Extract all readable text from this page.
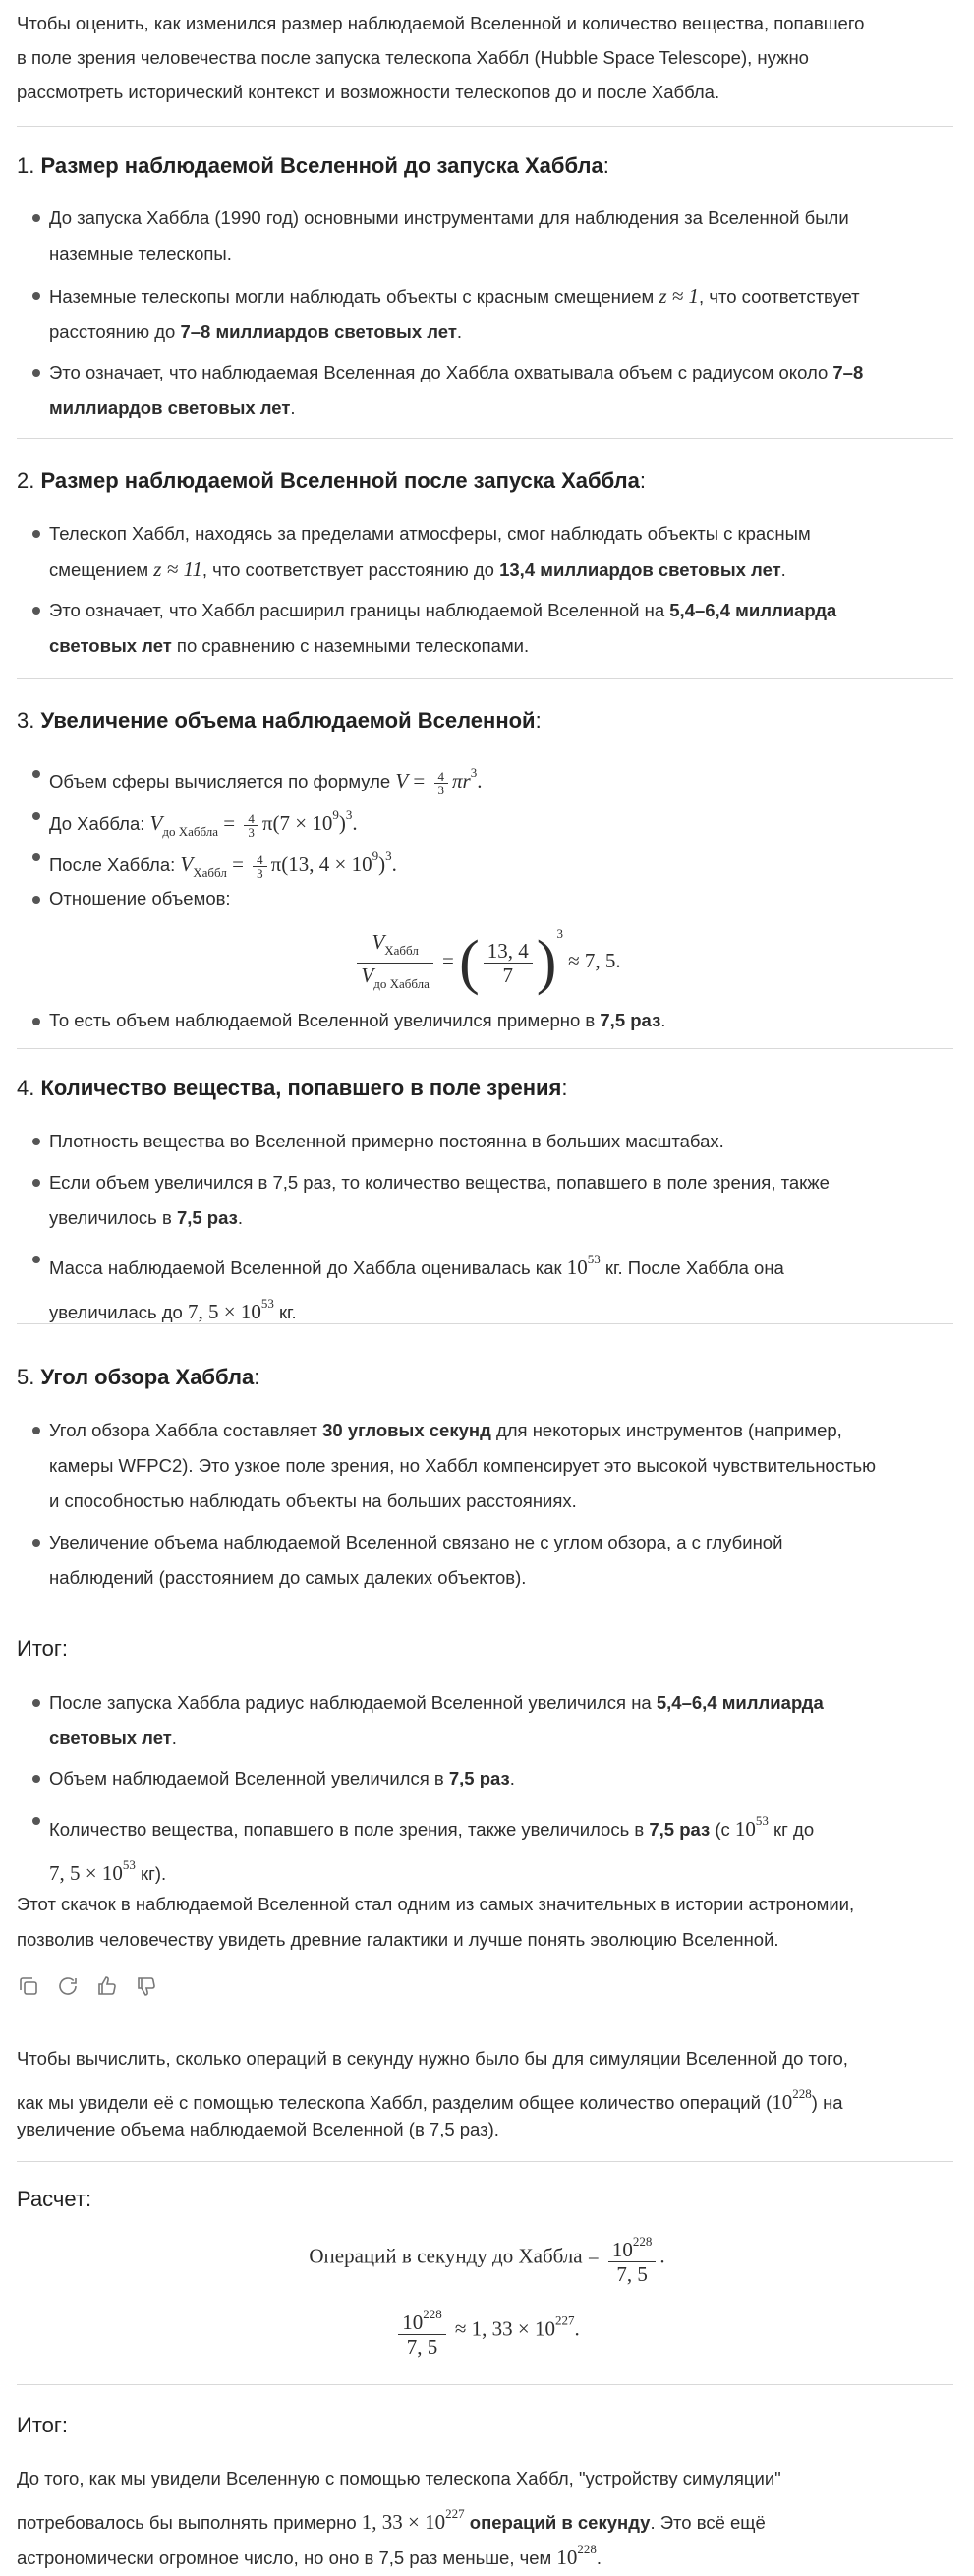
Чтобы оценить, как изменился размер наблюдаемой Вселенной и количество вещества, попавшего
в поле зрения человечества после запуска телескопа Хаббл (Hubble Space Telescope), нужно
рассмотреть исторический контекст и возможности телескопов до и после Хаббла.
1. Размер наблюдаемой Вселенной до запуска Хаббла:
До запуска Хаббла (1990 год) основными инструментами для наблюдения за Вселенной были
наземные телескопы.
Наземные телескопы могли наблюдать объекты с красным смещением z ≈ 1, что соответствует
расстоянию до 7–8 миллиардов световых лет.
Это означает, что наблюдаемая Вселенная до Хаббла охватывала объем с радиусом около 7–8
миллиардов световых лет.
2. Размер наблюдаемой Вселенной после запуска Хаббла:
Телескоп Хаббл, находясь за пределами атмосферы, смог наблюдать объекты с красным
смещением z ≈ 11, что соответствует расстоянию до 13,4 миллиардов световых лет.
Это означает, что Хаббл расширил границы наблюдаемой Вселенной на 5,4–6,4 миллиарда
световых лет по сравнению с наземными телескопами.
3. Увеличение объема наблюдаемой Вселенной:
Объем сферы вычисляется по формуле $V = \frac{4}{3} \pi r^3$.
До Хаббла: $V_{до Хаббла} = \frac{4}{3} \pi(7 \times 10^9)^3$.
После Хаббла: $V_{Хаббл} = \frac{4}{3} \pi(13$, $4 \times 10^9)^3$.
Отношение объемов:
$\frac{V_{Хаббл}}{V_{до Хаббла}}$ = ( $\frac{13, 4}{7} )^3 \approx 7$, 5.
То есть объем наблюдаемой Вселенной увеличился примерно в 7,5 раз.
4. Количество вещества, попавшего в поле зрения:
Плотность вещества во Вселенной примерно постоянна в больших масштабах.
Если объем увеличился в 7,5 раз, то количество вещества, попавшего в поле зрения, также
увеличилось в 7,5 раз.
Масса наблюдаемой Вселенной до Хаббла оценивалась как $10^{53}$ кг. После Хаббла она
увеличилась до 7, $5 \times 10^{53}$ кг.
5. Угол обзора Хаббла:
Угол обзора Хаббла составляет 30 угловых секунд для некоторых инструментов (например,
камеры WFPC2). Это узкое поле зрения, но Хаббл компенсирует это высокой чувствительностью
и способностью наблюдать объекты на больших расстояниях.
Увеличение объема наблюдаемой Вселенной связано не с углом обзора, а с глубиной
наблюдений (расстоянием до самых далеких объектов).
Итог:
После запуска Хаббла радиус наблюдаемой Вселенной увеличился на 5,4–6,4 миллиарда
световых лет.
Объем наблюдаемой Вселенной увеличился в 7,5 раз.
Количество вещества, попавшего в поле зрения, также увеличилось в 7,5 раз (с $10^{53}$ кг до
7, $5 \times 10^{53}$ кг).
Этот скачок в наблюдаемой Вселенной стал одним из самых значительных в истории астрономии,
позволив человечеству увидеть древние галактики и лучше понять эволюцию Вселенной.
Чтобы вычислить, сколько операций в секунду нужно было бы для симуляции Вселенной до того,
как мы увидели её с помощью телескопа Хаббл, разделим общее количество операций $(10^{228})$ на
увеличение объема наблюдаемой Вселенной (в 7,5 раз).
Расчет:
Операций в секунду до Хаббла = $\frac{10^{228}}{7, 5}$ .
$\frac{10^{228}}{7, 5} \approx 1$, $33 \times 10^{227}$.
Итог:
До того, как мы увидели Вселенную с помощью телескопа Хаббл, "устройству симуляции"
потребовалось бы выполнять примерно 1, $33 \times 10^{227}$ операций в секунду. Это всё ещё
астрономически огромное число, но оно в 7,5 раз меньше, чем $10^{228}$.
